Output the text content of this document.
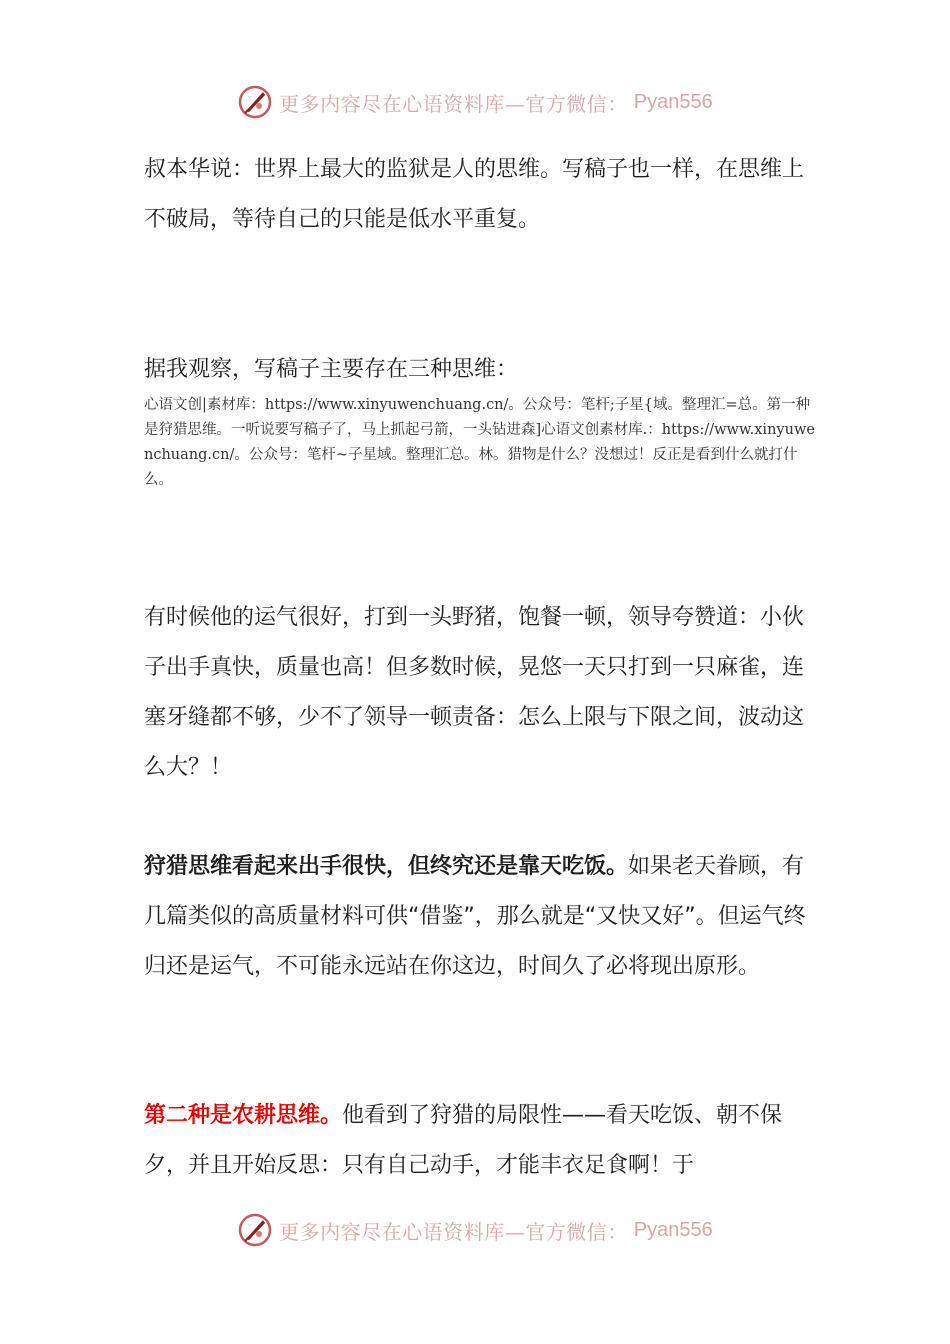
更多内容尽在心语资料库—官方微信： Pyan556

叔本华说：世界上最大的监狱是人的思维。写稿子也一样，在思维上不破局，等待自己的只能是低水平重复。

据我观察，写稿子主要存在三种思维：

心语文创|素材库：https://www.xinyuwenchuang.cn/。公众号：笔杆;子星{域。整理汇=总。第一种是狩猎思维。一听说要写稿子了，马上抓起弓箭，一头钻进森]心语文创素材库.：https://www.xinyuwenchuang.cn/。公众号：笔杆~子星域。整理汇总。林。猎物是什么？没想过！反正是看到什么就打什么。

有时候他的运气很好，打到一头野猪，饱餐一顿，领导夸赞道：小伙子出手真快，质量也高！但多数时候，晃悠一天只打到一只麻雀，连塞牙缝都不够，少不了领导一顿责备：怎么上限与下限之间，波动这么大？！

狩猎思维看起来出手很快，但终究还是靠天吃饭。如果老天眷顾，有几篇类似的高质量材料可供“借鉴”，那么就是“又快又好”。但运气终归还是运气，不可能永远站在你这边，时间久了必将现出原形。

第二种是农耕思维。他看到了狩猎的局限性——看天吃饭、朝不保夕，并且开始反思：只有自己动手，才能丰衣足食啊！于

更多内容尽在心语资料库—官方微信： Pyan556
